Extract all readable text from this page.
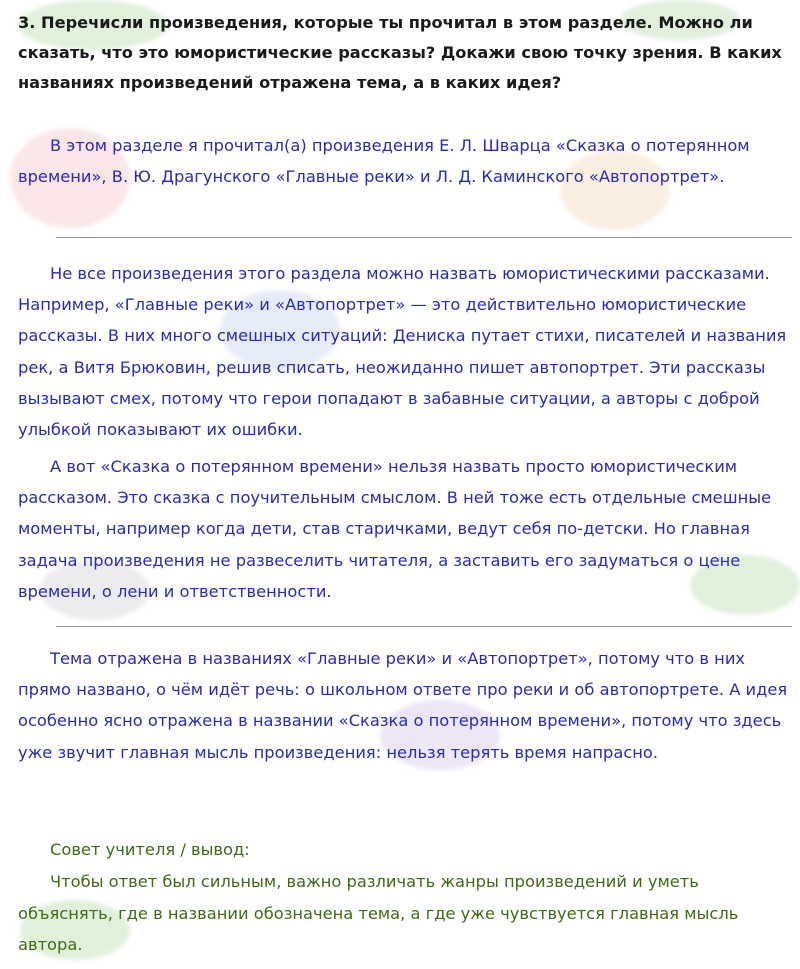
3. Перечисли произведения, которые ты прочитал в этом разделе. Можно ли сказать, что это юмористические рассказы? Докажи свою точку зрения. В каких названиях произведений отражена тема, а в каких идея?

В этом разделе я прочитал(а) произведения Е. Л. Шварца «Сказка о потерянном времени», В. Ю. Драгунского «Главные реки» и Л. Д. Каминского «Автопортрет».

Не все произведения этого раздела можно назвать юмористическими рассказами. Например, «Главные реки» и «Автопортрет» — это действительно юмористические рассказы. В них много смешных ситуаций: Дениска путает стихи, писателей и названия рек, а Витя Брюковин, решив списать, неожиданно пишет автопортрет. Эти рассказы вызывают смех, потому что герои попадают в забавные ситуации, а авторы с доброй улыбкой показывают их ошибки.

А вот «Сказка о потерянном времени» нельзя назвать просто юмористическим рассказом. Это сказка с поучительным смыслом. В ней тоже есть отдельные смешные моменты, например когда дети, став старичками, ведут себя по-детски. Но главная задача произведения не развеселить читателя, а заставить его задуматься о цене времени, о лени и ответственности.

Тема отражена в названиях «Главные реки» и «Автопортрет», потому что в них прямо названо, о чём идёт речь: о школьном ответе про реки и об автопортрете. А идея особенно ясно отражена в названии «Сказка о потерянном времени», потому что здесь уже звучит главная мысль произведения: нельзя терять время напрасно.

Совет учителя / вывод:

Чтобы ответ был сильным, важно различать жанры произведений и уметь объяснять, где в названии обозначена тема, а где уже чувствуется главная мысль автора.
